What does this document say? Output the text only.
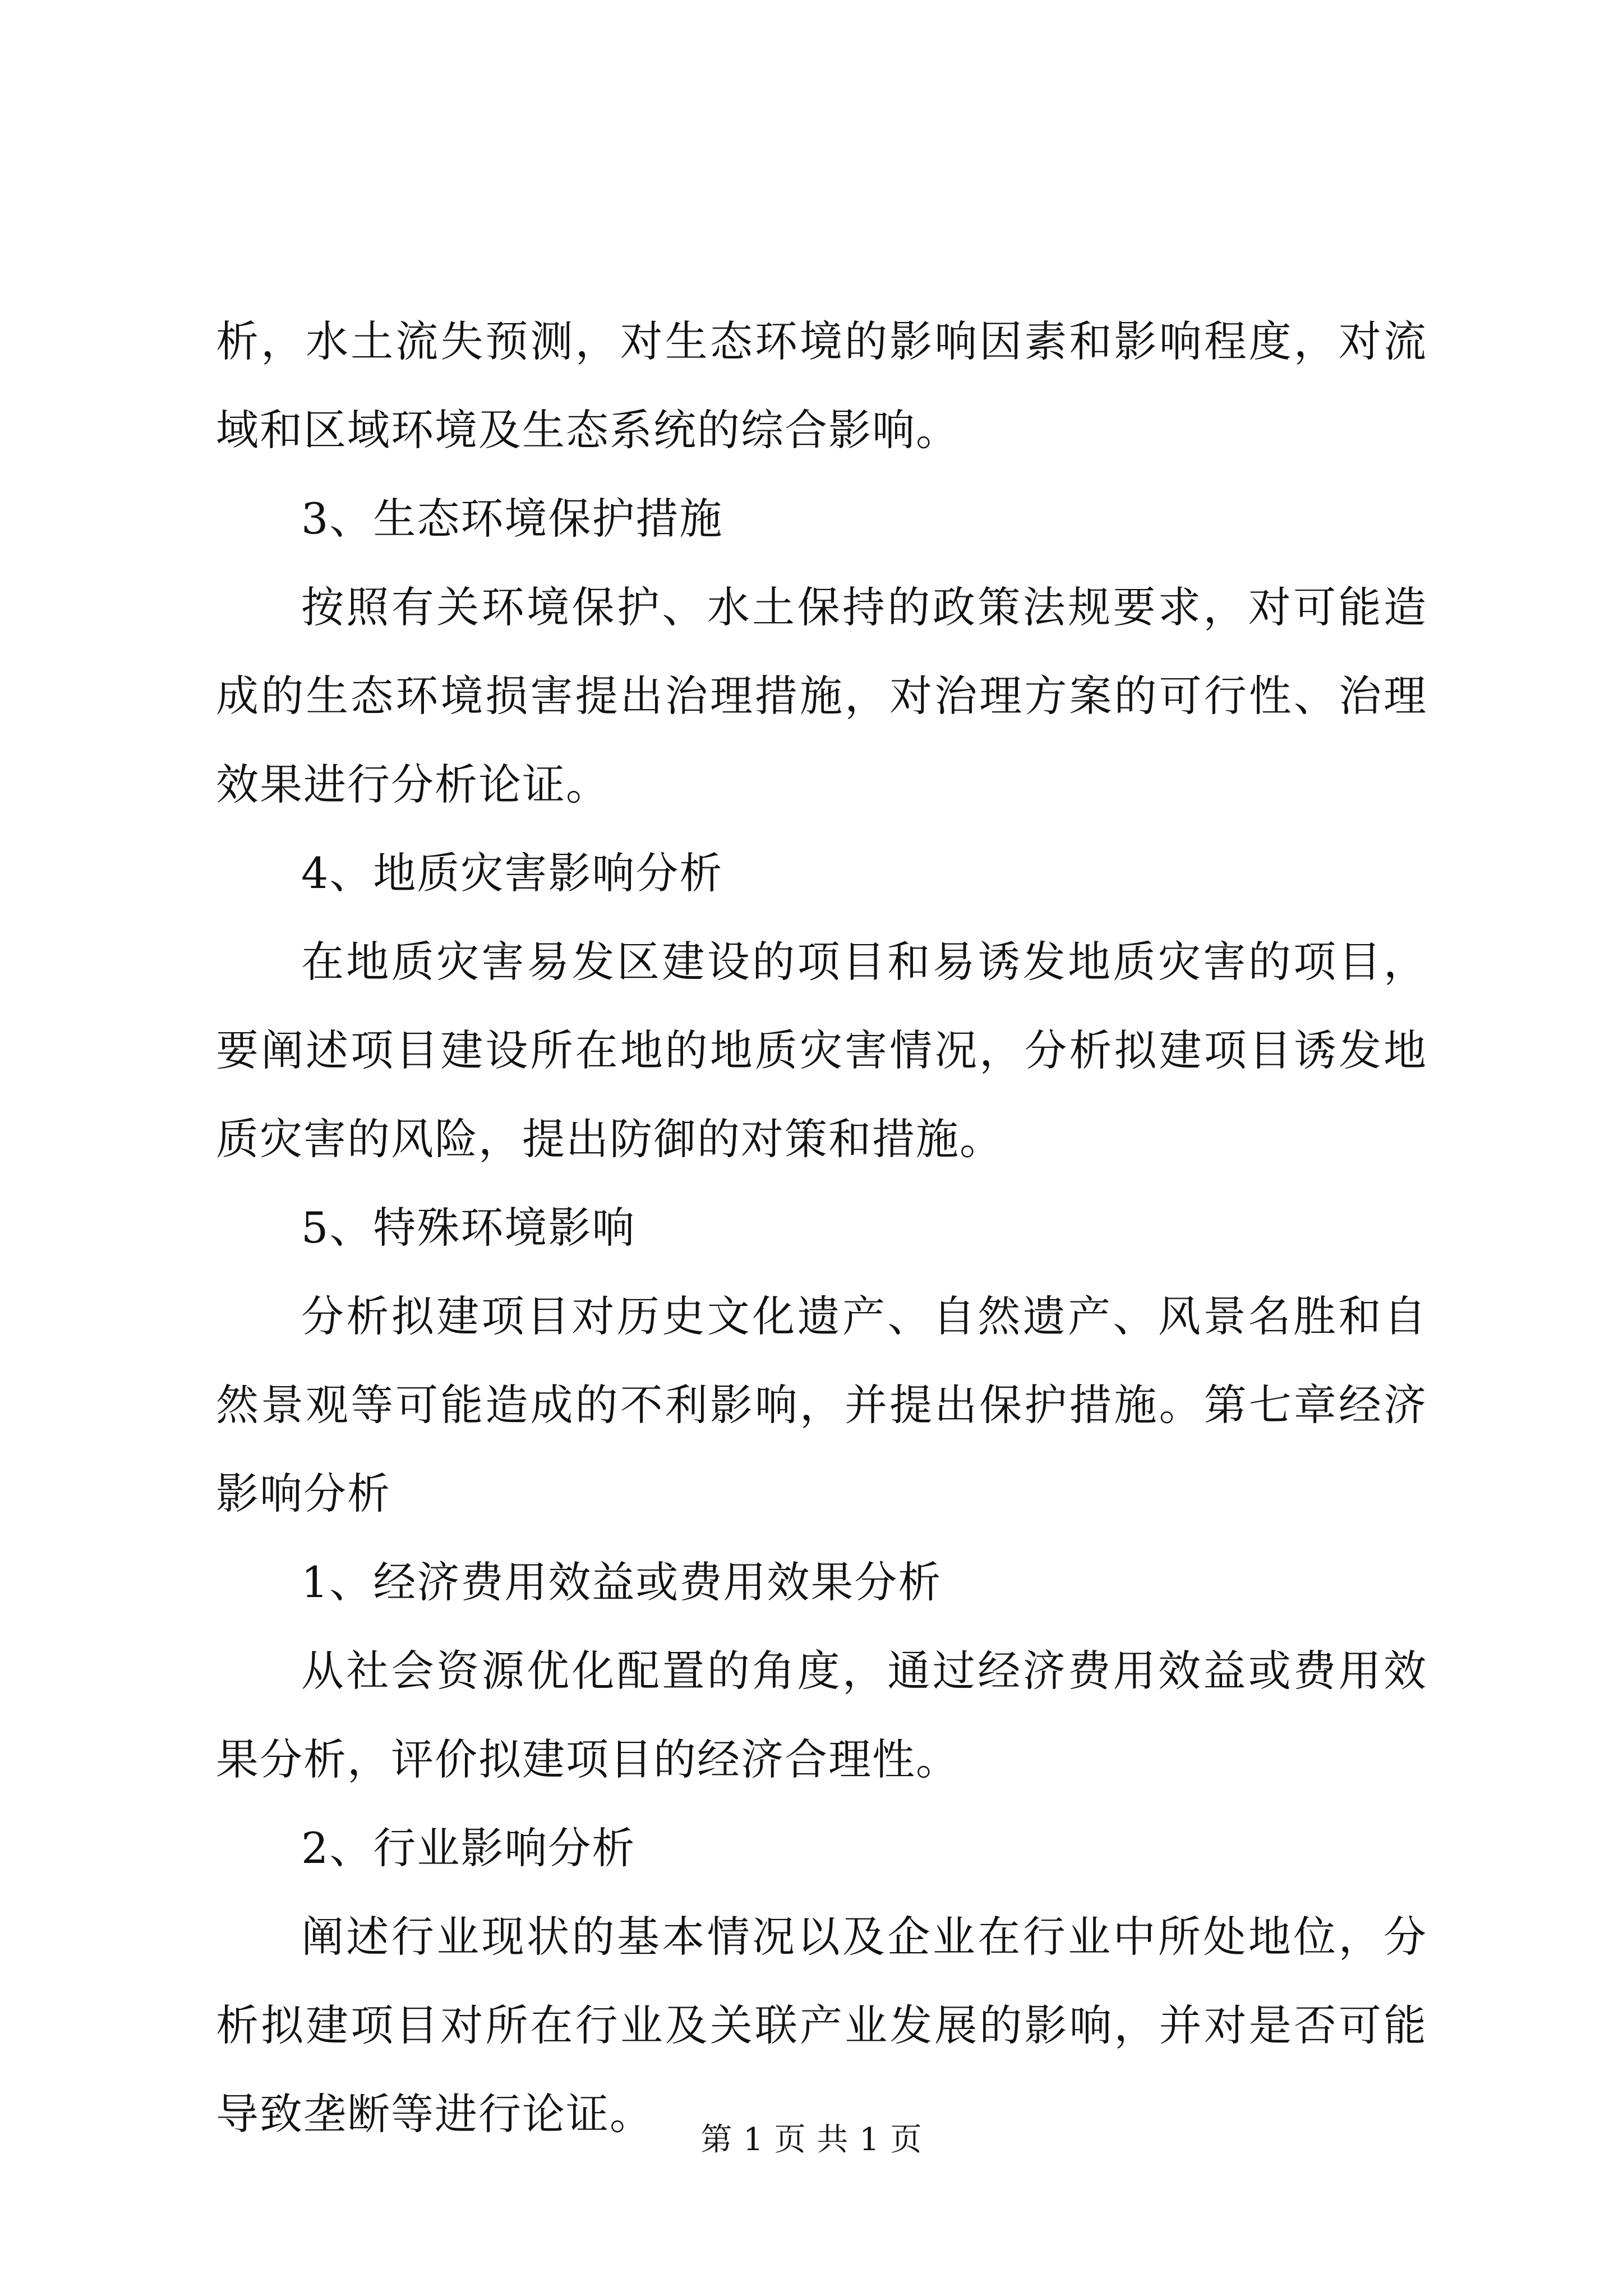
析，水土流失预测，对生态环境的影响因素和影响程度，对流域和区域环境及生态系统的综合影响。

3、生态环境保护措施

按照有关环境保护、水土保持的政策法规要求，对可能造成的生态环境损害提出治理措施，对治理方案的可行性、治理效果进行分析论证。

4、地质灾害影响分析

在地质灾害易发区建设的项目和易诱发地质灾害的项目，要阐述项目建设所在地的地质灾害情况，分析拟建项目诱发地质灾害的风险，提出防御的对策和措施。

5、特殊环境影响

分析拟建项目对历史文化遗产、自然遗产、风景名胜和自然景观等可能造成的不利影响，并提出保护措施。第七章经济影响分析

1、经济费用效益或费用效果分析

从社会资源优化配置的角度，通过经济费用效益或费用效果分析，评价拟建项目的经济合理性。

2、行业影响分析

阐述行业现状的基本情况以及企业在行业中所处地位，分析拟建项目对所在行业及关联产业发展的影响，并对是否可能导致垄断等进行论证。

第 1 页 共 1 页
